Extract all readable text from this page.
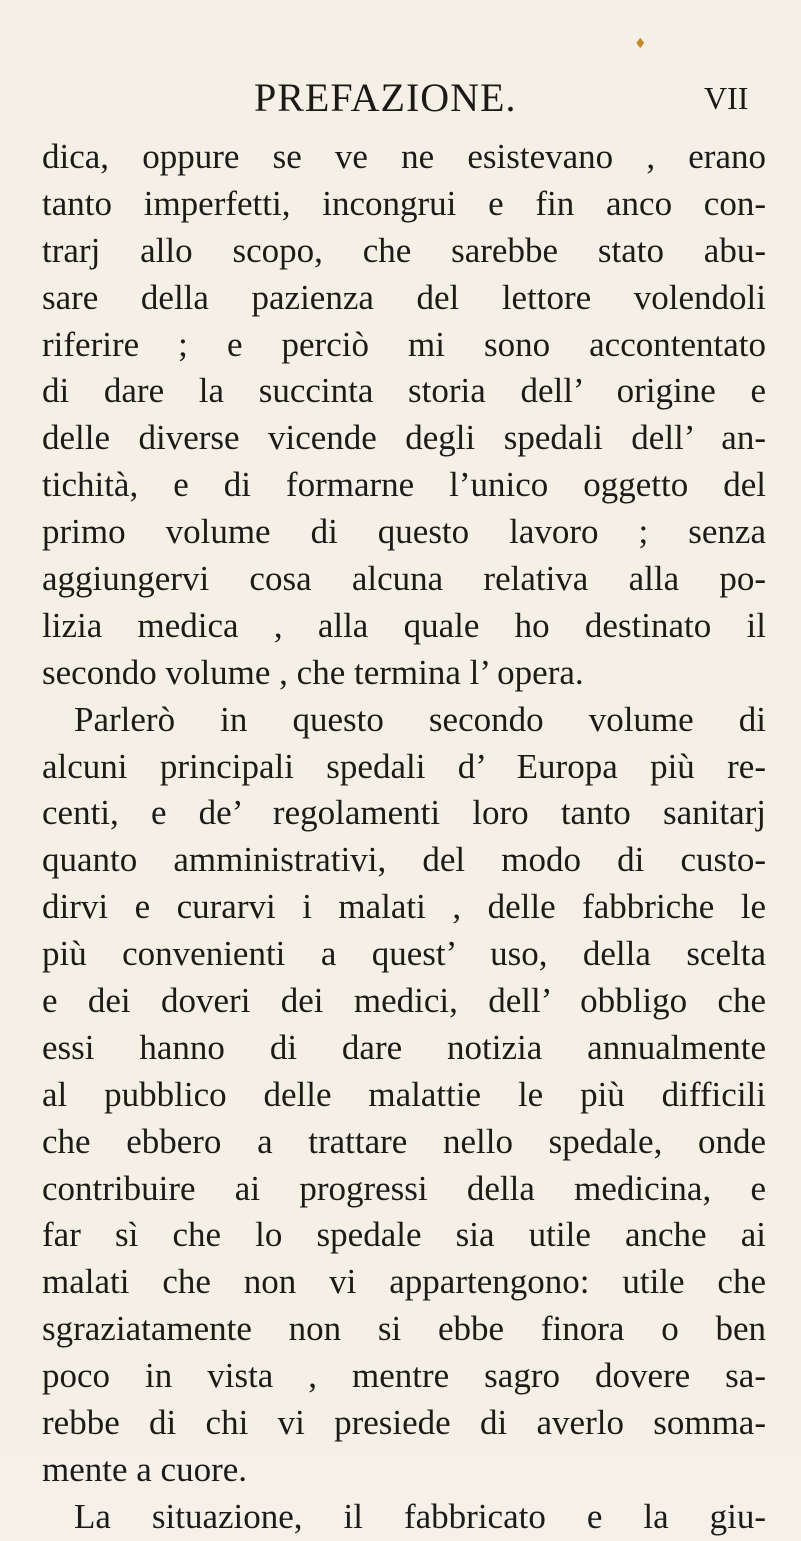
♦
PREFAZIONE.	VII
dica, oppure se ve ne esistevano , erano
tanto imperfetti, incongrui e fin anco con-
trarj allo scopo, che sarebbe stato abu-
sare della pazienza del lettore volendoli
riferire ; e perciò mi sono accontentato
di dare la succinta storia dell’ origine e
delle diverse vicende degli spedali dell’ an-
tichità, e di formarne l’unico oggetto del
primo volume di questo lavoro ; senza
aggiungervi cosa alcuna relativa alla po-
lizia medica , alla quale ho destinato il
secondo volume , che termina l’ opera.
Parlerò in questo secondo volume di
alcuni principali spedali d’ Europa più re-
centi, e de’ regolamenti loro tanto sanitarj
quanto amministrativi, del modo di custo-
dirvi e curarvi i malati , delle fabbriche le
più convenienti a quest’ uso, della scelta
e dei doveri dei medici, dell’ obbligo che
essi hanno di dare notizia annualmente
al pubblico delle malattie le più difficili
che ebbero a trattare nello spedale, onde
contribuire ai progressi della medicina, e
far sì che lo spedale sia utile anche ai
malati che non vi appartengono: utile che
sgraziatamente non si ebbe finora o ben
poco in vista , mentre sagro dovere sa-
rebbe di chi vi presiede di averlo somma-
mente a cuore.
La situazione, il fabbricato e la giu-
